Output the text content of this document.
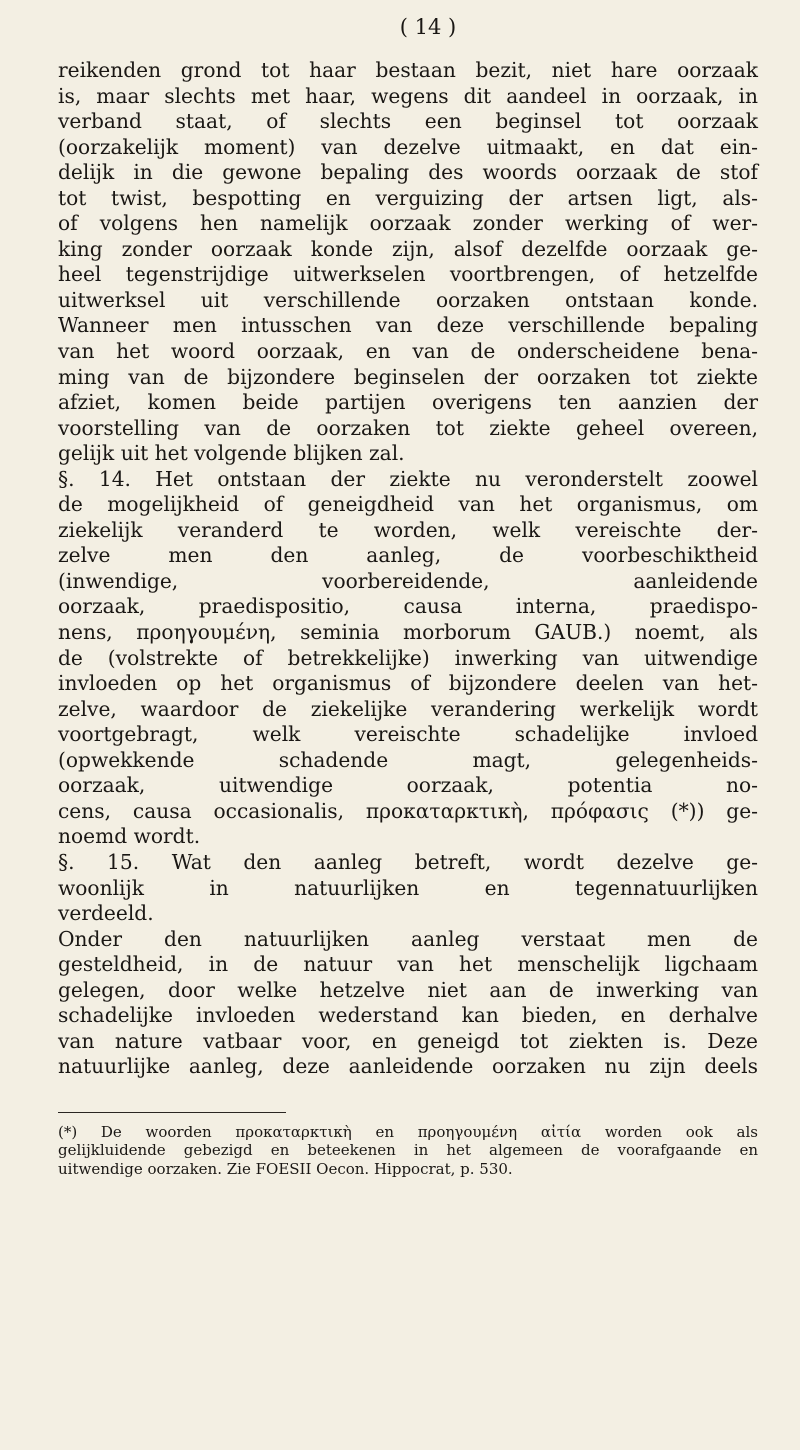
( 14 )
reikenden grond tot haar bestaan bezit, niet hare oorzaak
is, maar slechts met haar, wegens dit aandeel in oorzaak, in
verband staat, of slechts een beginsel tot oorzaak
(oorzakelijk moment) van dezelve uitmaakt, en dat ein-
delijk in die gewone bepaling des woords oorzaak de stof
tot twist, bespotting en verguizing der artsen ligt, als-
of volgens hen namelijk oorzaak zonder werking of wer-
king zonder oorzaak konde zijn, alsof dezelfde oorzaak ge-
heel tegenstrijdige uitwerkselen voortbrengen, of hetzelfde
uitwerksel uit verschillende oorzaken ontstaan konde.
Wanneer men intusschen van deze verschillende bepaling
van het woord oorzaak, en van de onderscheidene bena-
ming van de bijzondere beginselen der oorzaken tot ziekte
afziet, komen beide partijen overigens ten aanzien der
voorstelling van de oorzaken tot ziekte geheel overeen,
gelijk uit het volgende blijken zal.
§. 14. Het ontstaan der ziekte nu veronderstelt zoowel
de mogelijkheid of geneigdheid van het organismus, om
ziekelijk veranderd te worden, welk vereischte der-
zelve men den aanleg, de voorbeschiktheid
(inwendige, voorbereidende, aanleidende
oorzaak, praedispositio, causa interna, praedispo-
nens, προηγουμένη, seminia morborum GAUB.) noemt, als
de (volstrekte of betrekkelijke) inwerking van uitwendige
invloeden op het organismus of bijzondere deelen van het-
zelve, waardoor de ziekelijke verandering werkelijk wordt
voortgebragt, welk vereischte schadelijke invloed
(opwekkende schadende magt, gelegenheids-
oorzaak, uitwendige oorzaak, potentia no-
cens, causa occasionalis, προκαταρκτικὴ, πρόφασις (*)) ge-
noemd wordt.
§. 15. Wat den aanleg betreft, wordt dezelve ge-
woonlijk in natuurlijken en tegennatuurlijken
verdeeld.
Onder den natuurlijken aanleg verstaat men de
gesteldheid, in de natuur van het menschelijk ligchaam
gelegen, door welke hetzelve niet aan de inwerking van
schadelijke invloeden wederstand kan bieden, en derhalve
van nature vatbaar voor, en geneigd tot ziekten is. Deze
natuurlijke aanleg, deze aanleidende oorzaken nu zijn deels
(*) De woorden προκαταρκτικὴ en προηγουμένη αἰτία worden ook als
gelijkluidende gebezigd en beteekenen in het algemeen de voorafgaande en
uitwendige oorzaken. Zie FOESII Oecon. Hippocrat, p. 530.
